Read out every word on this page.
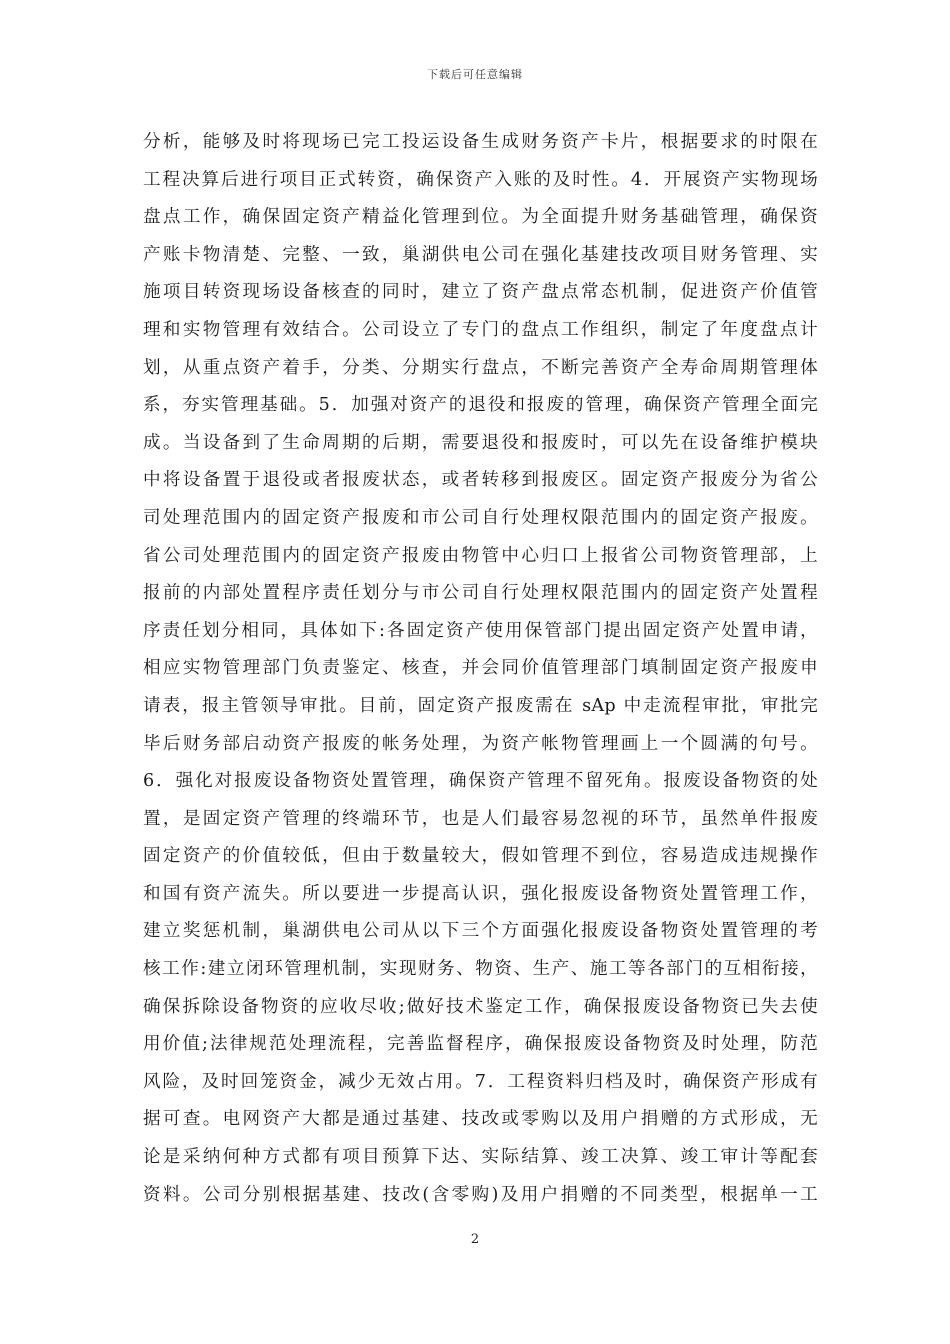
下载后可任意编辑
分析，能够及时将现场已完工投运设备生成财务资产卡片，根据要求的时限在
工程决算后进行项目正式转资，确保资产入账的及时性。4．开展资产实物现场
盘点工作，确保固定资产精益化管理到位。为全面提升财务基础管理，确保资
产账卡物清楚、完整、一致，巢湖供电公司在强化基建技改项目财务管理、实
施项目转资现场设备核查的同时，建立了资产盘点常态机制，促进资产价值管
理和实物管理有效结合。公司设立了专门的盘点工作组织，制定了年度盘点计
划，从重点资产着手，分类、分期实行盘点，不断完善资产全寿命周期管理体
系，夯实管理基础。5．加强对资产的退役和报废的管理，确保资产管理全面完
成。当设备到了生命周期的后期，需要退役和报废时，可以先在设备维护模块
中将设备置于退役或者报废状态，或者转移到报废区。固定资产报废分为省公
司处理范围内的固定资产报废和市公司自行处理权限范围内的固定资产报废。
省公司处理范围内的固定资产报废由物管中心归口上报省公司物资管理部，上
报前的内部处置程序责任划分与市公司自行处理权限范围内的固定资产处置程
序责任划分相同，具体如下:各固定资产使用保管部门提出固定资产处置申请，
相应实物管理部门负责鉴定、核查，并会同价值管理部门填制固定资产报废申
请表，报主管领导审批。目前，固定资产报废需在 sAp 中走流程审批，审批完
毕后财务部启动资产报废的帐务处理，为资产帐物管理画上一个圆满的句号。
6．强化对报废设备物资处置管理，确保资产管理不留死角。报废设备物资的处
置，是固定资产管理的终端环节，也是人们最容易忽视的环节，虽然单件报废
固定资产的价值较低，但由于数量较大，假如管理不到位，容易造成违规操作
和国有资产流失。所以要进一步提高认识，强化报废设备物资处置管理工作，
建立奖惩机制，巢湖供电公司从以下三个方面强化报废设备物资处置管理的考
核工作:建立闭环管理机制，实现财务、物资、生产、施工等各部门的互相衔接，
确保拆除设备物资的应收尽收;做好技术鉴定工作，确保报废设备物资已失去使
用价值;法律规范处理流程，完善监督程序，确保报废设备物资及时处理，防范
风险，及时回笼资金，减少无效占用。7．工程资料归档及时，确保资产形成有
据可查。电网资产大都是通过基建、技改或零购以及用户捐赠的方式形成，无
论是采纳何种方式都有项目预算下达、实际结算、竣工决算、竣工审计等配套
资料。公司分别根据基建、技改(含零购)及用户捐赠的不同类型，根据单一工
2
